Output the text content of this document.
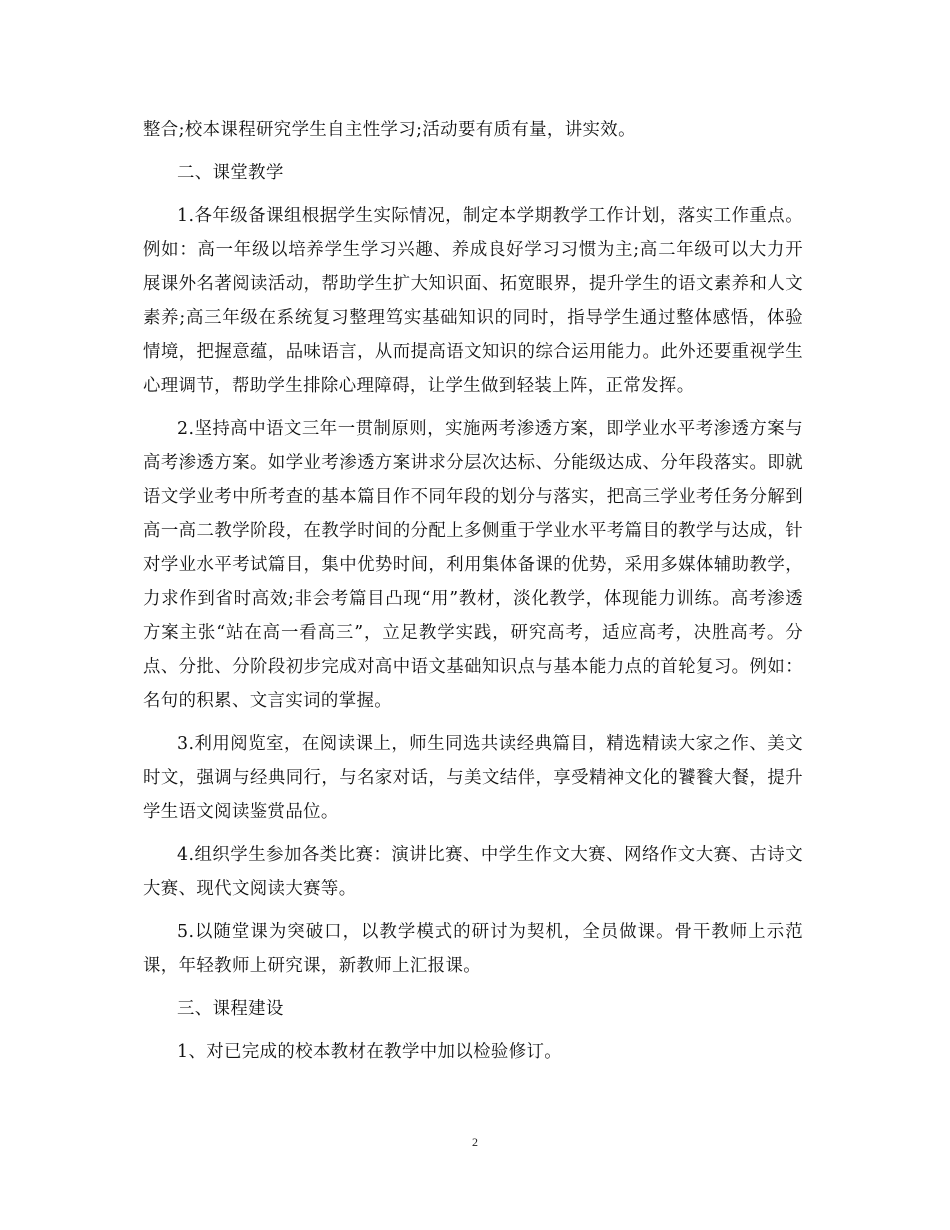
整合;校本课程研究学生自主性学习;活动要有质有量，讲实效。

二、课堂教学

1.各年级备课组根据学生实际情况，制定本学期教学工作计划，落实工作重点。例如：高一年级以培养学生学习兴趣、养成良好学习习惯为主;高二年级可以大力开展课外名著阅读活动，帮助学生扩大知识面、拓宽眼界，提升学生的语文素养和人文素养;高三年级在系统复习整理笃实基础知识的同时，指导学生通过整体感悟，体验情境，把握意蕴，品味语言，从而提高语文知识的综合运用能力。此外还要重视学生心理调节，帮助学生排除心理障碍，让学生做到轻装上阵，正常发挥。

2.坚持高中语文三年一贯制原则，实施两考渗透方案，即学业水平考渗透方案与高考渗透方案。如学业考渗透方案讲求分层次达标、分能级达成、分年段落实。即就语文学业考中所考查的基本篇目作不同年段的划分与落实，把高三学业考任务分解到高一高二教学阶段，在教学时间的分配上多侧重于学业水平考篇目的教学与达成，针对学业水平考试篇目，集中优势时间，利用集体备课的优势，采用多媒体辅助教学，力求作到省时高效;非会考篇目凸现“用”教材，淡化教学，体现能力训练。高考渗透方案主张“站在高一看高三”，立足教学实践，研究高考，适应高考，决胜高考。分点、分批、分阶段初步完成对高中语文基础知识点与基本能力点的首轮复习。例如：名句的积累、文言实词的掌握。

3.利用阅览室，在阅读课上，师生同选共读经典篇目，精选精读大家之作、美文时文，强调与经典同行，与名家对话，与美文结伴，享受精神文化的饕餮大餐，提升学生语文阅读鉴赏品位。

4.组织学生参加各类比赛：演讲比赛、中学生作文大赛、网络作文大赛、古诗文大赛、现代文阅读大赛等。

5.以随堂课为突破口，以教学模式的研讨为契机，全员做课。骨干教师上示范课，年轻教师上研究课，新教师上汇报课。

三、课程建设

1、对已完成的校本教材在教学中加以检验修订。

2
